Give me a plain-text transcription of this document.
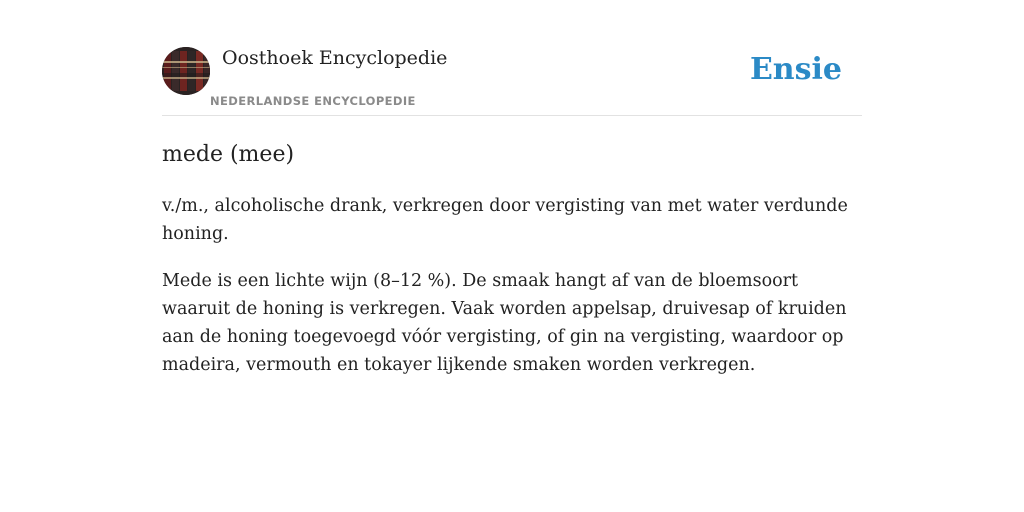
Oosthoek Encyclopedie
NEDERLANDSE ENCYCLOPEDIE
Ensie
mede (mee)

v./m., alcoholische drank, verkregen door vergisting van met water verdunde honing.

Mede is een lichte wijn (8–12 %). De smaak hangt af van de bloemsoort waaruit de honing is verkregen. Vaak worden appelsap, druivesap of kruiden aan de honing toegevoegd vóór vergisting, of gin na vergisting, waardoor op madeira, vermouth en tokayer lijkende smaken worden verkregen.
